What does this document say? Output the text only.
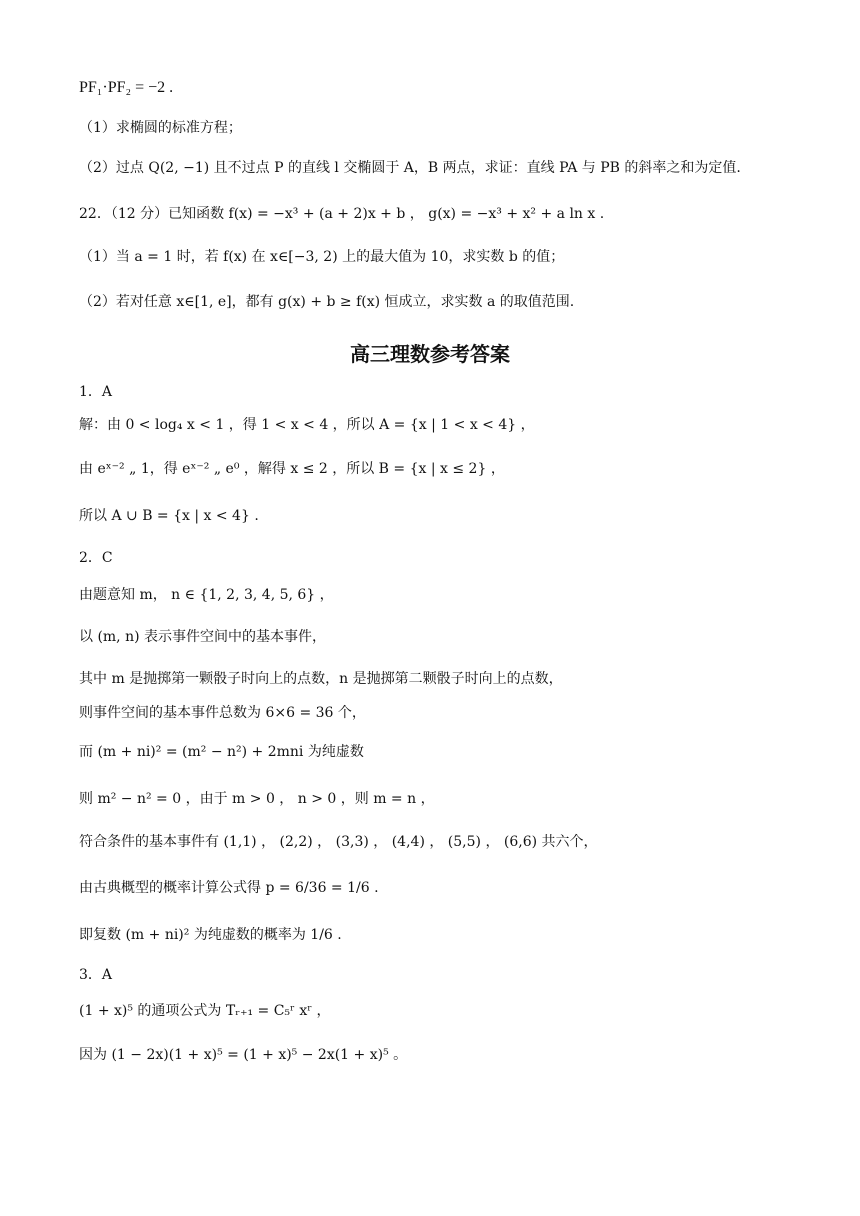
PF₁·PF₂ = −2 .
（1）求椭圆的标准方程；
（2）过点 Q(2, −1) 且不过点 P 的直线 l 交椭圆于 A，B 两点，求证：直线 PA 与 PB 的斜率之和为定值.
22．（12 分）已知函数 f(x) = −x³ + (a + 2)x + b ， g(x) = −x³ + x² + a ln x .
（1）当 a = 1 时，若 f(x) 在 x∈[−3, 2) 上的最大值为 10，求实数 b 的值；
（2）若对任意 x∈[1, e]，都有 g(x) + b ≥ f(x) 恒成立，求实数 a 的取值范围.
高三理数参考答案
1．A
解：由 0 < log₄ x < 1 ，得 1 < x < 4 ，所以 A = {x | 1 < x < 4} ，
由 eˣ⁻² „ 1，得 eˣ⁻² „ e⁰ ，解得 x ≤ 2 ，所以 B = {x | x ≤ 2} ，
所以 A ∪ B = {x | x < 4} .
2．C
由题意知 m， n ∈ {1, 2, 3, 4, 5, 6} ，
以 (m, n) 表示事件空间中的基本事件，
其中 m 是抛掷第一颗骰子时向上的点数，n 是抛掷第二颗骰子时向上的点数，
则事件空间的基本事件总数为 6×6 = 36 个，
而 (m + ni)² = (m² − n²) + 2mni 为纯虚数
则 m² − n² = 0 ，由于 m > 0 ， n > 0 ，则 m = n ，
符合条件的基本事件有 (1,1) ， (2,2) ， (3,3) ， (4,4) ， (5,5) ， (6,6) 共六个，
由古典概型的概率计算公式得 p = 6/36 = 1/6 .
即复数 (m + ni)² 为纯虚数的概率为 1/6 .
3．A
(1 + x)⁵ 的通项公式为 Tᵣ₊₁ = C₅ʳ xʳ ，
因为 (1 − 2x)(1 + x)⁵ = (1 + x)⁵ − 2x(1 + x)⁵ 。
